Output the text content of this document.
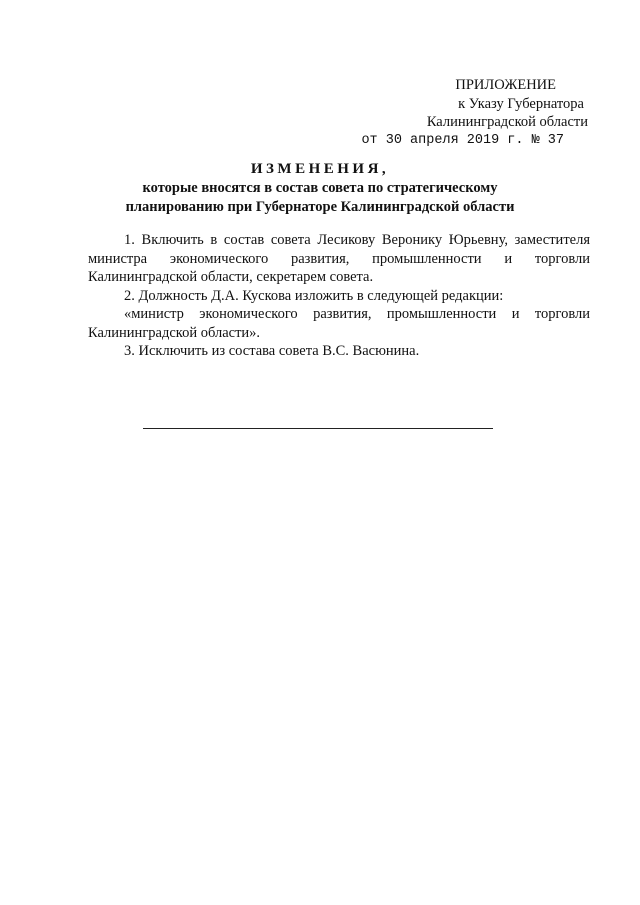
ПРИЛОЖЕНИЕ
к Указу Губернатора
Калининградской области
от 30 апреля 2019 г. № 37
ИЗМЕНЕНИЯ,
которые вносятся в состав совета по стратегическому
планированию при Губернаторе Калининградской области

1. Включить в состав совета Лесикову Веронику Юрьевну, заместителя министра экономического развития, промышленности и торговли Калининградской области, секретарем совета.

2. Должность Д.А. Кускова изложить в следующей редакции:

«министр экономического развития, промышленности и торговли Калининградской области».

3. Исключить из состава совета В.С. Васюнина.
